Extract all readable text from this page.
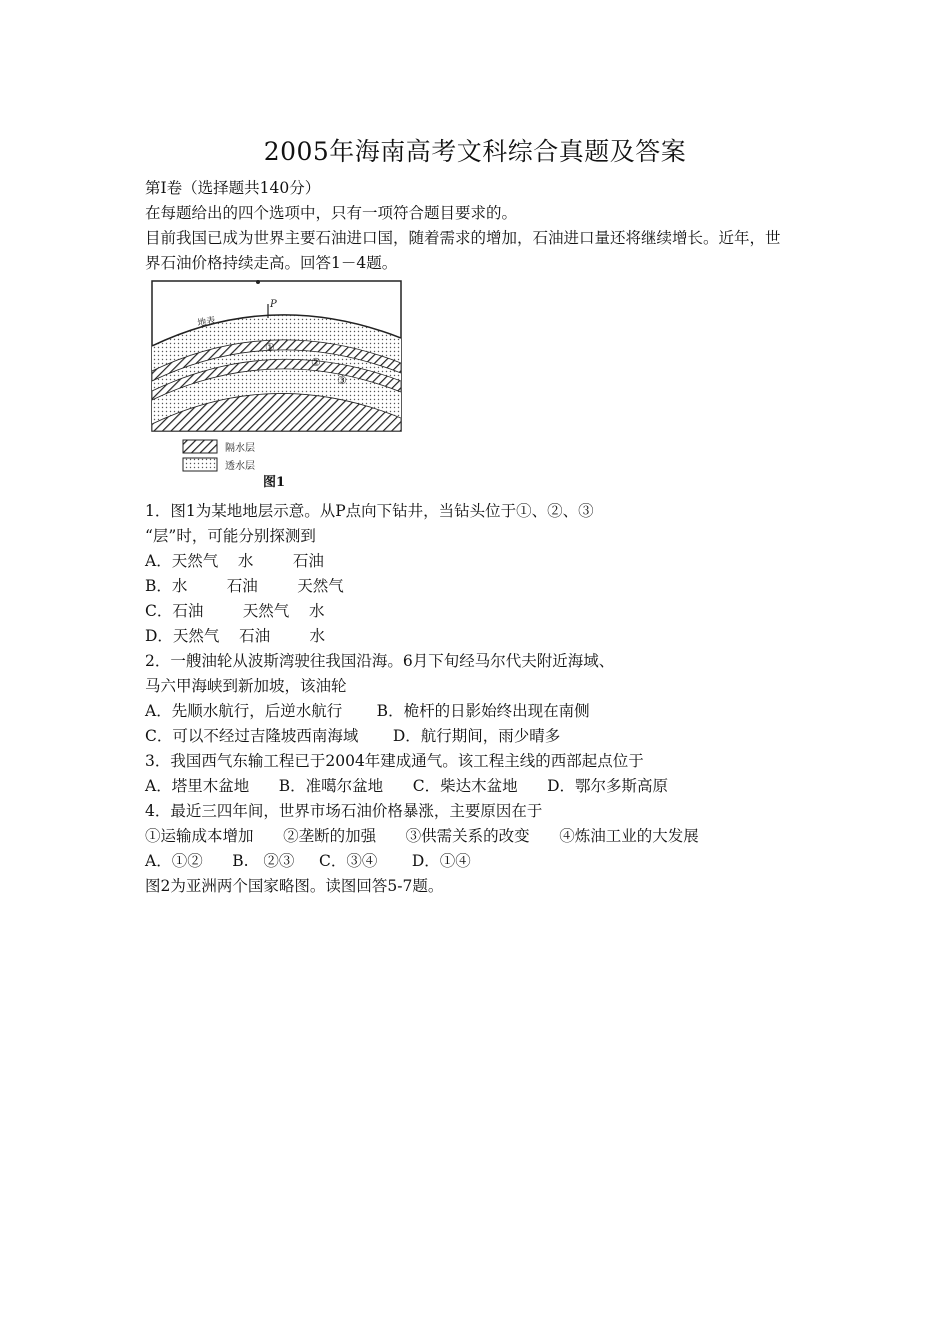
2005年海南高考文科综合真题及答案
第Ⅰ卷（选择题共140分）
在每题给出的四个选项中，只有一项符合题目要求的。
目前我国已成为世界主要石油进口国，随着需求的增加，石油进口量还将继续增长。近年，世
界石油价格持续走高。回答1－4题。
P
地表
①
②
③
隔水层
透水层
图1
1．图1为某地地层示意。从P点向下钻井，当钻头位于①、②、③
“层”时，可能分别探测到
A．天然气    水        石油
B．水        石油        天然气
C．石油        天然气    水
D．天然气    石油        水
2．一艘油轮从波斯湾驶往我国沿海。6月下旬经马尔代夫附近海域、
马六甲海峡到新加坡，该油轮
A．先顺水航行，后逆水航行       B．桅杆的日影始终出现在南侧
C．可以不经过吉隆坡西南海域       D．航行期间，雨少晴多
3．我国西气东输工程已于2004年建成通气。该工程主线的西部起点位于
A．塔里木盆地      B．准噶尔盆地      C．柴达木盆地      D．鄂尔多斯高原
4．最近三四年间，世界市场石油价格暴涨，主要原因在于
①运输成本增加      ②垄断的加强      ③供需关系的改变      ④炼油工业的大发展
A．①②      B.   ②③     C．③④       D．①④
图2为亚洲两个国家略图。读图回答5-7题。
